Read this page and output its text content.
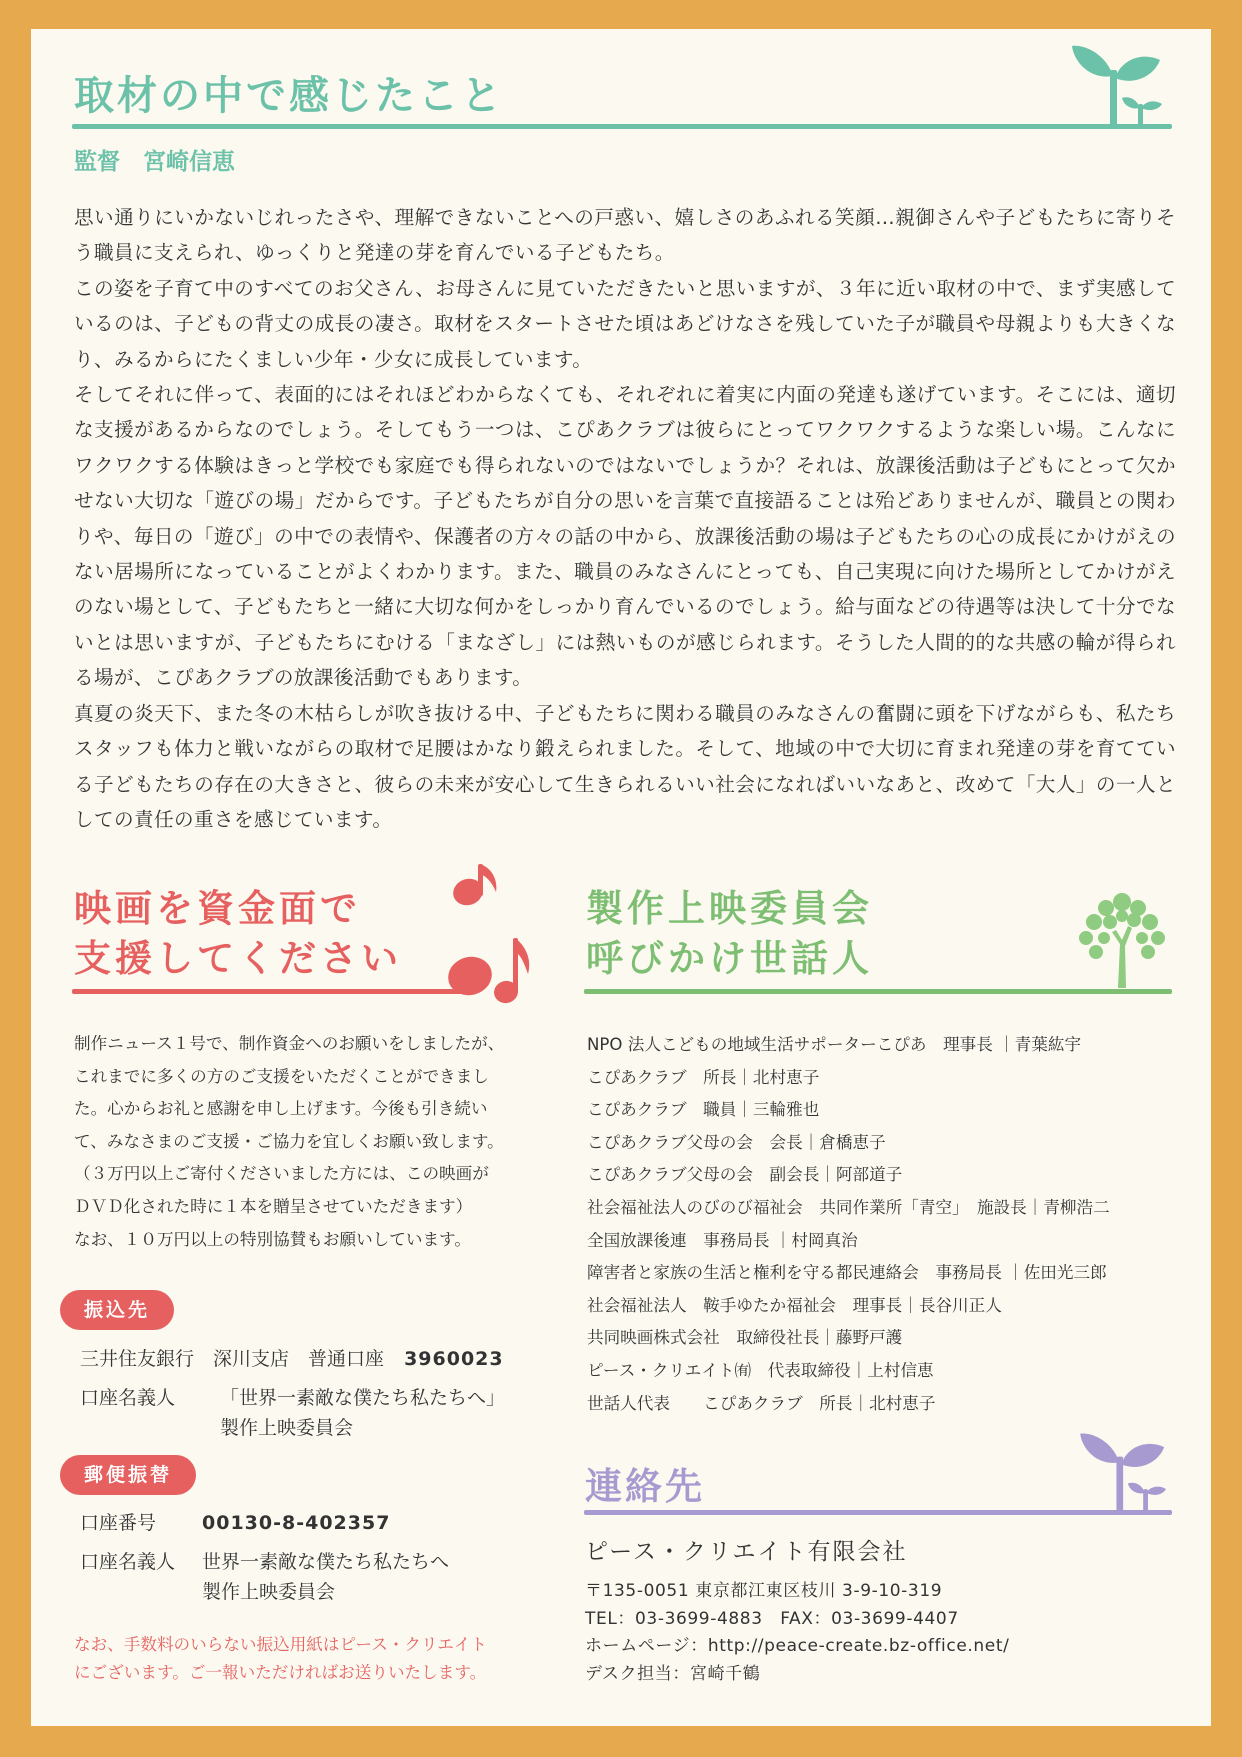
取材の中で感じたこと
監督　宮崎信恵

思い通りにいかないじれったさや、理解できないことへの戸惑い、嬉しさのあふれる笑顔…親御さんや子どもたちに寄りそう職員に支えられ、ゆっくりと発達の芽を育んでいる子どもたち。

この姿を子育て中のすべてのお父さん、お母さんに見ていただきたいと思いますが、３年に近い取材の中で、まず実感しているのは、子どもの背丈の成長の凄さ。取材をスタートさせた頃はあどけなさを残していた子が職員や母親よりも大きくなり、みるからにたくましい少年・少女に成長しています。

そしてそれに伴って、表面的にはそれほどわからなくても、それぞれに着実に内面の発達も遂げています。そこには、適切な支援があるからなのでしょう。そしてもう一つは、こぴあクラブは彼らにとってワクワクするような楽しい場。こんなにワクワクする体験はきっと学校でも家庭でも得られないのではないでしょうか？それは、放課後活動は子どもにとって欠かせない大切な「遊びの場」だからです。子どもたちが自分の思いを言葉で直接語ることは殆どありませんが、職員との関わりや、毎日の「遊び」の中での表情や、保護者の方々の話の中から、放課後活動の場は子どもたちの心の成長にかけがえのない居場所になっていることがよくわかります。また、職員のみなさんにとっても、自己実現に向けた場所としてかけがえのない場として、子どもたちと一緒に大切な何かをしっかり育んでいるのでしょう。給与面などの待遇等は決して十分でないとは思いますが、子どもたちにむける「まなざし」には熱いものが感じられます。そうした人間的的な共感の輪が得られる場が、こぴあクラブの放課後活動でもあります。

真夏の炎天下、また冬の木枯らしが吹き抜ける中、子どもたちに関わる職員のみなさんの奮闘に頭を下げながらも、私たちスタッフも体力と戦いながらの取材で足腰はかなり鍛えられました。そして、地域の中で大切に育まれ発達の芽を育てている子どもたちの存在の大きさと、彼らの未来が安心して生きられるいい社会になればいいなあと、改めて「大人」の一人としての責任の重さを感じています。

映画を資金面で
支援してください
制作ニュース１号で、制作資金へのお願いをしましたが、
これまでに多くの方のご支援をいただくことができまし
た。心からお礼と感謝を申し上げます。今後も引き続い
て、みなさまのご支援・ご協力を宜しくお願い致します。
（３万円以上ご寄付くださいました方には、この映画が
ＤＶＤ化された時に１本を贈呈させていただきます）
なお、１０万円以上の特別協賛もお願いしています。
振込先
三井住友銀行　深川支店　普通口座 3960023
口座名義人 「世界一素敵な僕たち私たちへ」
製作上映委員会
郵便振替
口座番号 00130-8-402357
口座名義人 世界一素敵な僕たち私たちへ
製作上映委員会
なお、手数料のいらない振込用紙はピース・クリエイト
にございます。ご一報いただければお送りいたします。
製作上映委員会
呼びかけ世話人
NPO 法人こどもの地域生活サポーターこぴあ　理事長 ｜青葉紘宇
こぴあクラブ　所長｜北村恵子
こぴあクラブ　職員｜三輪雅也
こぴあクラブ父母の会　会長｜倉橋恵子
こぴあクラブ父母の会　副会長｜阿部道子
社会福祉法人のびのび福祉会　共同作業所「青空」　施設長｜青柳浩二
全国放課後連　事務局長 ｜村岡真治
障害者と家族の生活と権利を守る都民連絡会　事務局長 ｜佐田光三郎
社会福祉法人　鞍手ゆたか福祉会　理事長｜長谷川正人
共同映画株式会社　取締役社長｜藤野戸護
ピース・クリエイト㈲　代表取締役｜上村信恵
世話人代表　　こぴあクラブ　所長｜北村恵子
連絡先
ピース・クリエイト有限会社
〒135-0051 東京都江東区枝川 3-9-10-319
TEL：03-3699-4883　FAX：03-3699-4407
ホームページ：http://peace-create.bz-office.net/
デスク担当：宮崎千鶴
